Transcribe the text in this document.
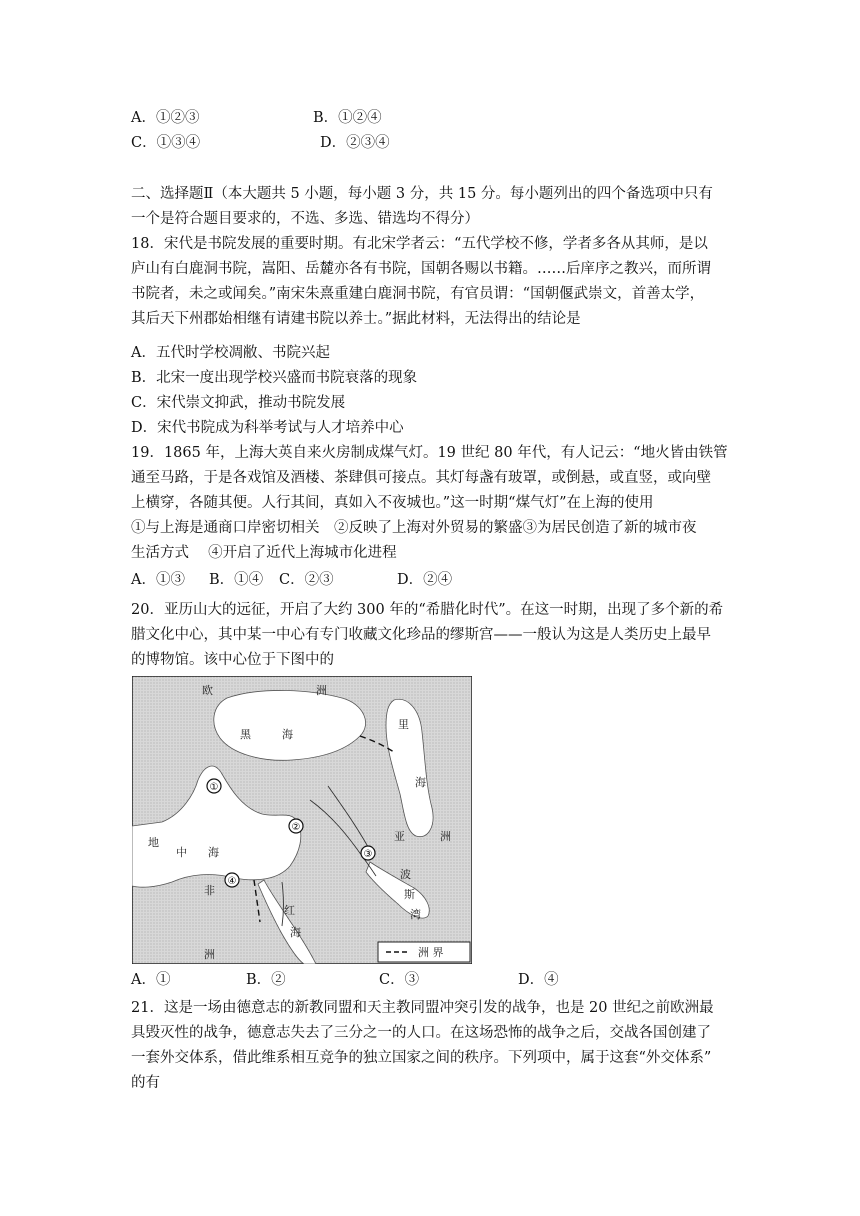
A．①②③	B．①②④
C．①③④	D．②③④
二、选择题Ⅱ（本大题共 5 小题，每小题 3 分，共 15 分。每小题列出的四个备选项中只有
一个是符合题目要求的，不选、多选、错选均不得分）
18．宋代是书院发展的重要时期。有北宋学者云：“五代学校不修，学者多各从其师，是以
庐山有白鹿洞书院，嵩阳、岳麓亦各有书院，国朝各赐以书籍。……后庠序之教兴，而所谓
书院者，未之或闻矣。”南宋朱熹重建白鹿洞书院，有官员谓：“国朝偃武崇文，首善太学，
其后天下州郡始相继有请建书院以养士。”据此材料，无法得出的结论是
A．五代时学校凋敝、书院兴起
B．北宋一度出现学校兴盛而书院衰落的现象
C．宋代崇文抑武，推动书院发展
D．宋代书院成为科举考试与人才培养中心
19．1865 年，上海大英自来火房制成煤气灯。19 世纪 80 年代，有人记云：“地火皆由铁管
通至马路，于是各戏馆及酒楼、茶肆俱可接点。其灯每盏有玻罩，或倒悬，或直竖，或向壁
上横穿，各随其便。人行其间，真如入不夜城也。”这一时期“煤气灯”在上海的使用
①与上海是通商口岸密切相关　②反映了上海对外贸易的繁盛③为居民创造了新的城市夜
生活方式　 ④开启了近代上海城市化进程
A．①③ B．①④ C．②③	D．②④
20．亚历山大的远征，开启了大约 300 年的“希腊化时代”。在这一时期，出现了多个新的希
腊文化中心，其中某一中心有专门收藏文化珍品的缪斯宫——一般认为这是人类历史上最早
的博物馆。该中心位于下图中的
欧	洲
黑	海
里
海
地
中 海
亚	洲
非
洲
波
斯
湾
红
海
①
②
③
④
洲 界
A．①	B．②	C．③	D．④
21．这是一场由德意志的新教同盟和天主教同盟冲突引发的战争，也是 20 世纪之前欧洲最
具毁灭性的战争，德意志失去了三分之一的人口。在这场恐怖的战争之后，交战各国创建了
一套外交体系，借此维系相互竞争的独立国家之间的秩序。下列项中，属于这套“外交体系”
的有
